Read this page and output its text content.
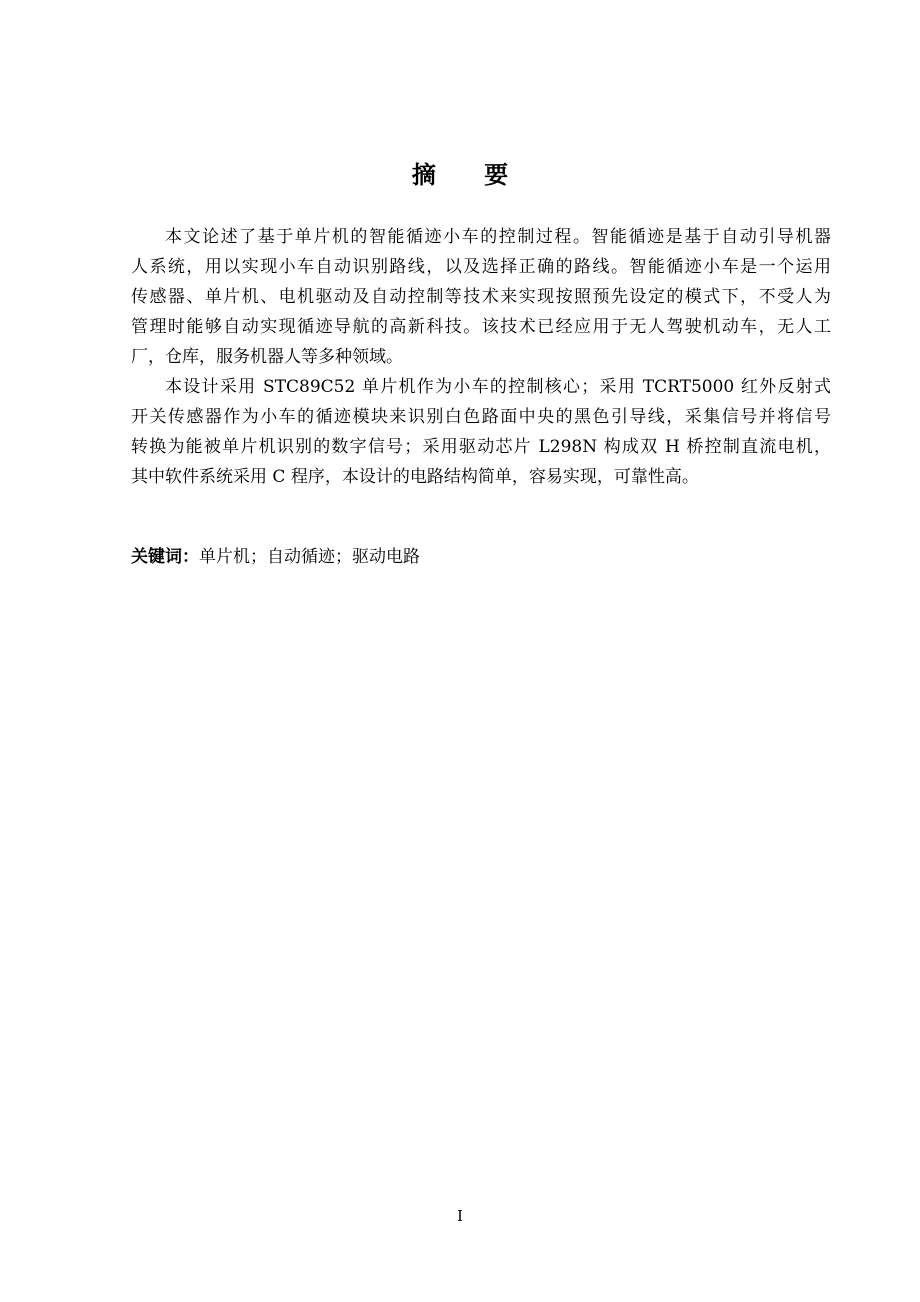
摘 要

本文论述了基于单片机的智能循迹小车的控制过程。智能循迹是基于自动引导机器
人系统，用以实现小车自动识别路线，以及选择正确的路线。智能循迹小车是一个运用
传感器、单片机、电机驱动及自动控制等技术来实现按照预先设定的模式下，不受人为
管理时能够自动实现循迹导航的高新科技。该技术已经应用于无人驾驶机动车，无人工
厂，仓库，服务机器人等多种领域。

本设计采用 STC89C52 单片机作为小车的控制核心；采用 TCRT5000 红外反射式
开关传感器作为小车的循迹模块来识别白色路面中央的黑色引导线，采集信号并将信号
转换为能被单片机识别的数字信号；采用驱动芯片 L298N 构成双 H 桥控制直流电机，
其中软件系统采用 C 程序，本设计的电路结构简单，容易实现，可靠性高。

关键词：单片机；自动循迹；驱动电路
I
